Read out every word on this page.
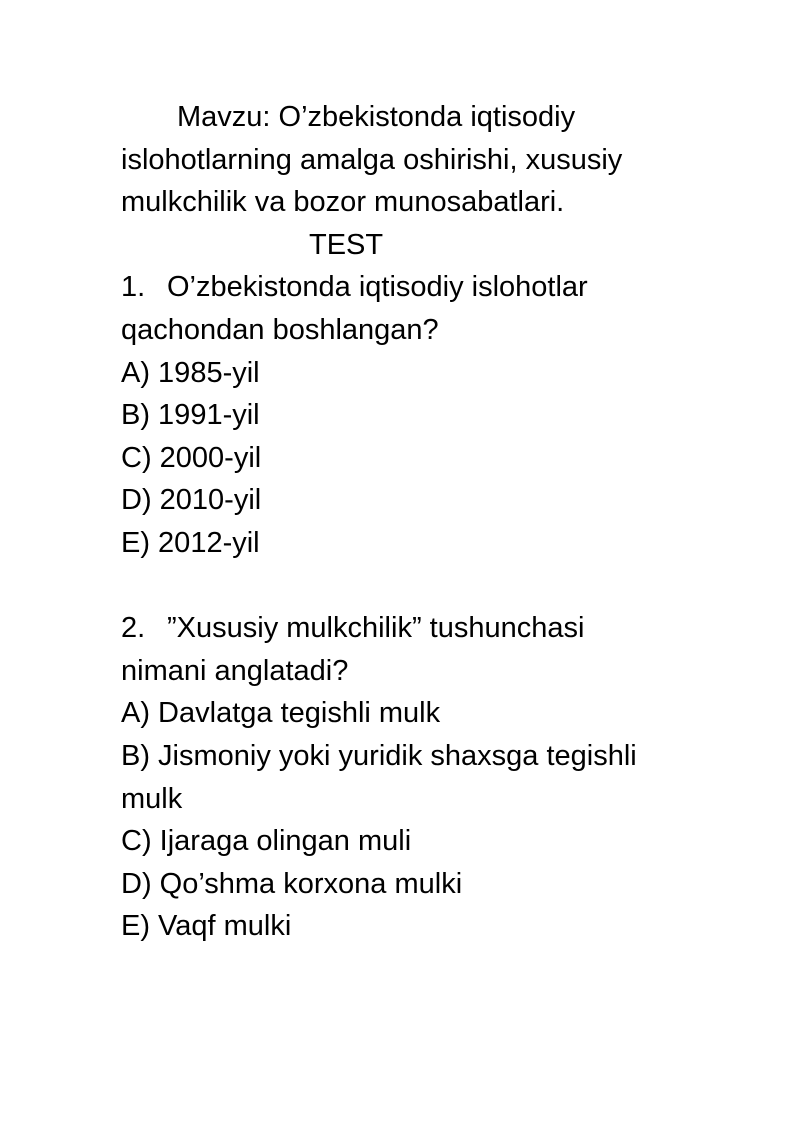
Mavzu: O’zbekistonda iqtisodiy
islohotlarning amalga oshirishi, xususiy
mulkchilik va bozor munosabatlari.
TEST
1. O’zbekistonda iqtisodiy islohotlar
qachondan boshlangan?
A) 1985-yil
B) 1991-yil
C) 2000-yil
D) 2010-yil
E) 2012-yil
2. ”Xususiy mulkchilik” tushunchasi
nimani anglatadi?
A) Davlatga tegishli mulk
B) Jismoniy yoki yuridik shaxsga tegishli
mulk
C) Ijaraga olingan muli
D) Qo’shma korxona mulki
E) Vaqf mulki
